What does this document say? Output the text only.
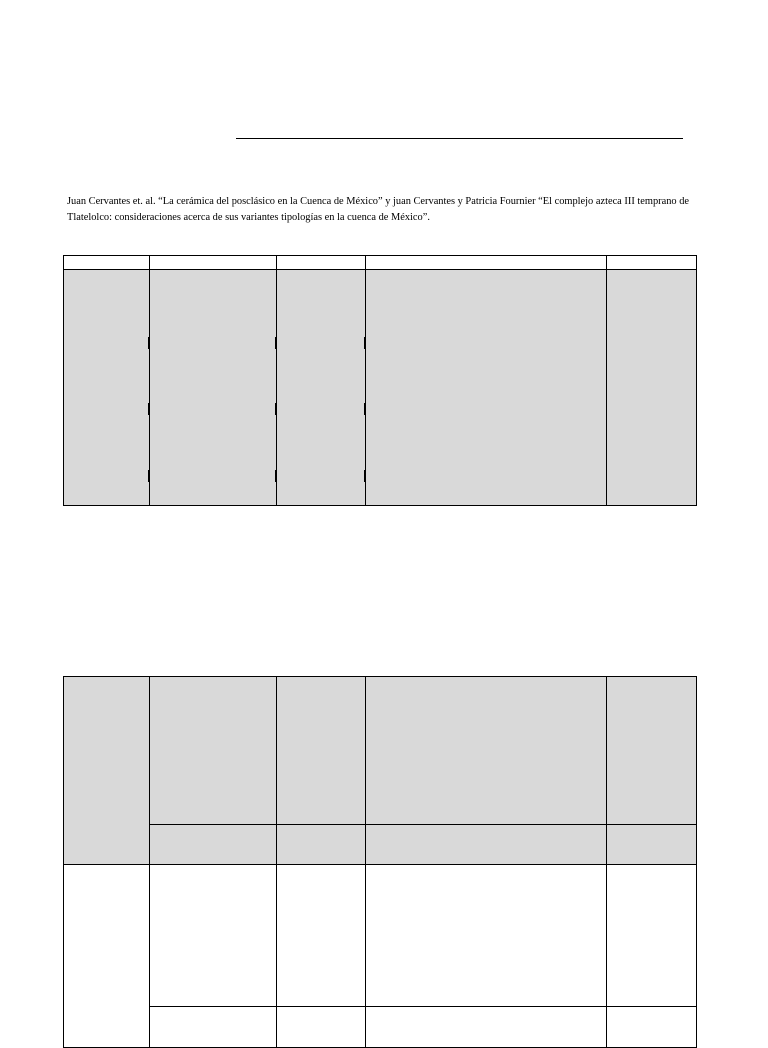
Juan Cervantes et. al. “La cerámica del posclásico en la Cuenca de México” y juan Cervantes y Patricia Fournier “El complejo azteca III temprano de Tlatelolco: consideraciones acerca de sus variantes tipologías en la cuenca de México”.
